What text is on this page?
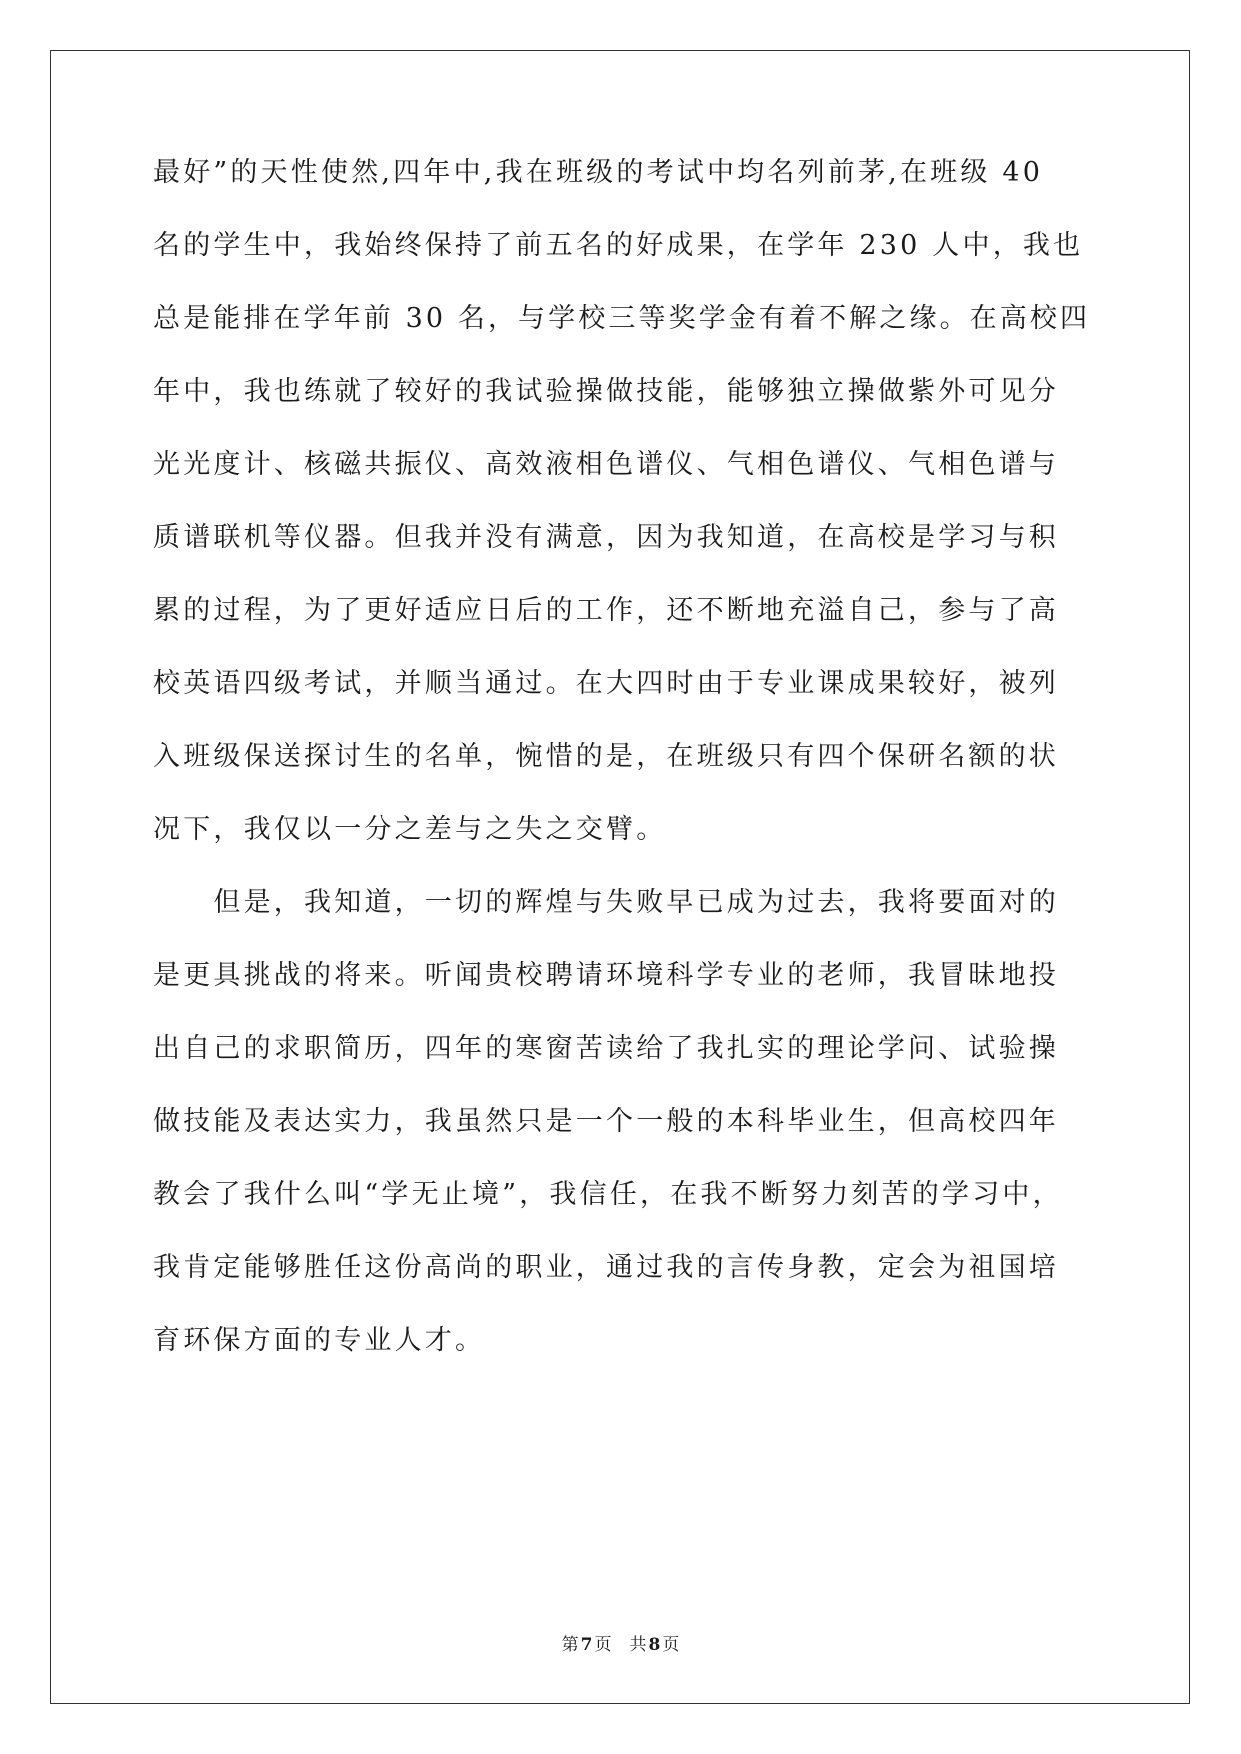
最好”的天性使然,四年中,我在班级的考试中均名列前茅,在班级 40
名的学生中，我始终保持了前五名的好成果，在学年 230 人中，我也
总是能排在学年前 30 名，与学校三等奖学金有着不解之缘。在高校四
年中，我也练就了较好的我试验操做技能，能够独立操做紫外可见分
光光度计、核磁共振仪、高效液相色谱仪、气相色谱仪、气相色谱与
质谱联机等仪器。但我并没有满意，因为我知道，在高校是学习与积
累的过程，为了更好适应日后的工作，还不断地充溢自己，参与了高
校英语四级考试，并顺当通过。在大四时由于专业课成果较好，被列
入班级保送探讨生的名单，惋惜的是，在班级只有四个保研名额的状
况下，我仅以一分之差与之失之交臂。
　　但是，我知道，一切的辉煌与失败早已成为过去，我将要面对的
是更具挑战的将来。听闻贵校聘请环境科学专业的老师，我冒昧地投
出自己的求职简历，四年的寒窗苦读给了我扎实的理论学问、试验操
做技能及表达实力，我虽然只是一个一般的本科毕业生，但高校四年
教会了我什么叫“学无止境”，我信任，在我不断努力刻苦的学习中，
我肯定能够胜任这份高尚的职业，通过我的言传身教，定会为祖国培
育环保方面的专业人才。
第 7 页 共 8 页
